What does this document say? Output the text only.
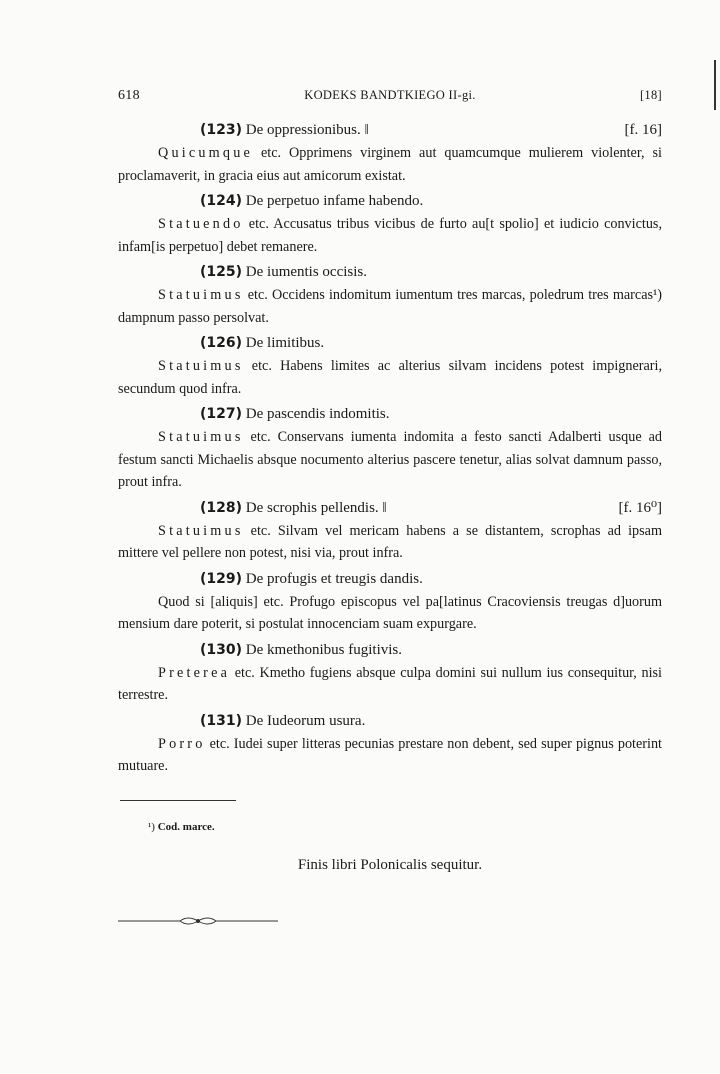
618	KODEKS BANDTKIEGO II-gi.	[18]
(123) De oppressionibus. ‖	[f. 16]
Quicumque etc. Opprimens virginem aut quamcumque mulierem violenter, si proclamaverit, in gracia eius aut amicorum existat.
(124) De perpetuo infame habendo.
Statuendo etc. Accusatus tribus vicibus de furto au[t spolio] et iudicio convictus, infam[is perpetuo] debet remanere.
(125) De iumentis occisis.
Statuimus etc. Occidens indomitum iumentum tres marcas, poledrum tres marcas¹) dampnum passo persolvat.
(126) De limitibus.
Statuimus etc. Habens limites ac alterius silvam incidens potest impignerari, secundum quod infra.
(127) De pascendis indomitis.
Statuimus etc. Conservans iumenta indomita a festo sancti Adalberti usque ad festum sancti Michaelis absque nocumento alterius pascere tenetur, alias solvat damnum passo, prout infra.
(128) De scrophis pellendis. ‖	[f. 16⁰]
Statuimus etc. Silvam vel mericam habens a se distantem, scrophas ad ipsam mittere vel pellere non potest, nisi via, prout infra.
(129) De profugis et treugis dandis.
Quod si [aliquis] etc. Profugo episcopus vel pa[latinus Cracoviensis treugas d]uorum mensium dare poterit, si postulat innocenciam suam expurgare.
(130) De kmethonibus fugitivis.
Preterea etc. Kmetho fugiens absque culpa domini sui nullum ius consequitur, nisi terrestre.
(131) De Iudeorum usura.
Porro etc. Iudei super litteras pecunias prestare non debent, sed super pignus poterint mutuare.
¹) Cod. marce.
Finis libri Polonicalis sequitur.
